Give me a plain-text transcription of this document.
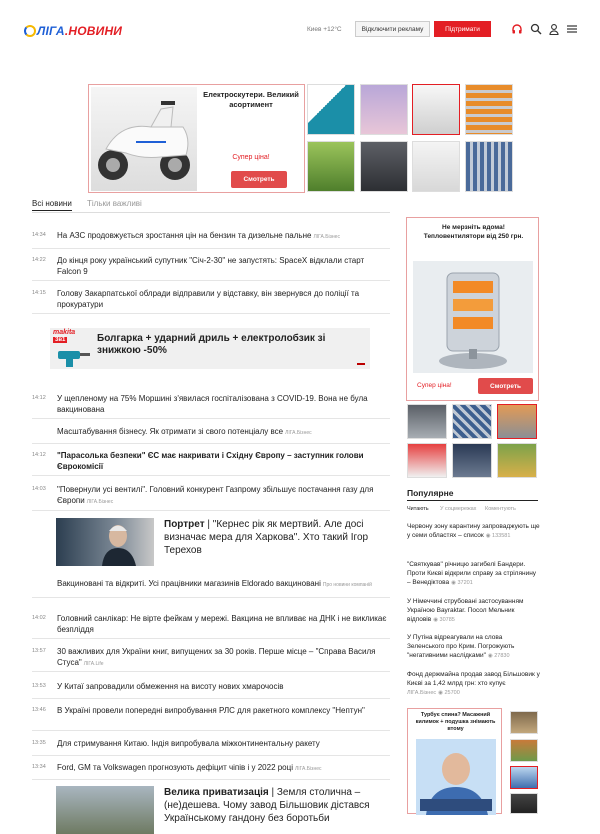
ЛІГА.НОВИНИ	Киев +12°C	Відключити рекламу	Підтримати
Електроскутери. Великий асортимент
Супер ціна!
Смотреть
Всі новини Тільки важливі
14:34 На АЗС продовжується зростання цін на бензин та дизельне пальне ЛІГА.Бізнес
14:22 До кінця року український супутник "Січ-2-30" не запустять: SpaceX відклали старт Falcon 9
14:15 Голову Закарпатської облради відправили у відставку, він звернувся до поліції та прокуратури
makita
3в1	Болгарка + ударний дриль + електролобзик зі знижкою -50%
14:12 У щепленому на 75% Моршині з'явилася госпіталізована з COVID-19. Вона не була вакцинована
Масштабування бізнесу. Як отримати зі свого потенціалу все ЛІГА.Бізнес
14:12 "Парасолька безпеки" ЄС має накривати і Східну Європу – заступник голови Єврокомісії
14:03 "Повернули усі вентилі". Головний конкурент Газпрому збільшує постачання газу для Європи ЛІГА.Бізнес
Портрет | "Кернес рік як мертвий. Але досі визначає мера для Харкова". Хто такий Ігор Терехов
Вакциновані та відкриті. Усі працівники магазинів Eldorado вакциновані Про новини компаній
14:02 Головний санлікар: Не вірте фейкам у мережі. Вакцина не впливає на ДНК і не викликає безпліддя
13:57 30 важливих для України книг, випущених за 30 років. Перше місце – "Справа Василя Стуса" ЛІГА.Life
13:53 У Китаї запровадили обмеження на висоту нових хмарочосів
13:46 В Україні провели попередні випробування РЛС для ракетного комплексу "Нептун"
13:35 Для стримування Китаю. Індія випробувала міжконтинентальну ракету
13:34 Ford, GM та Volkswagen прогнозують дефіцит чіпів і у 2022 році ЛІГА.Бізнес
Велика приватизація | Земля столична – (не)дешева. Чому завод Більшовик дістався Українському гандону без боротьби
Не мерзніть вдома! Тепловентилятори від 250 грн.
Супер ціна!	Смотреть
Популярне
Читають У соцмережах Коментують
Червону зону карантину запроваджують ще у семи областях – список ◉ 133581
"Святкував" річницю загибелі Бандери. Проти Києві відкрили справу за стрілянину – Венедіктова ◉ 37201
У Німеччині струбовані застосуванням Україною Bayraktar. Посол Мельник відповів ◉ 30785
У Путіна відреагували на слова Зеленського про Крим. Погрожують "негативними наслідками" ◉ 27830
Фонд держмайна продав завод Більшовик у Києві за 1,42 млрд грн: хто купує ЛІГА.Бізнес ◉ 25700
Турбує спина? Масажний килимок + подушка знімають втому
